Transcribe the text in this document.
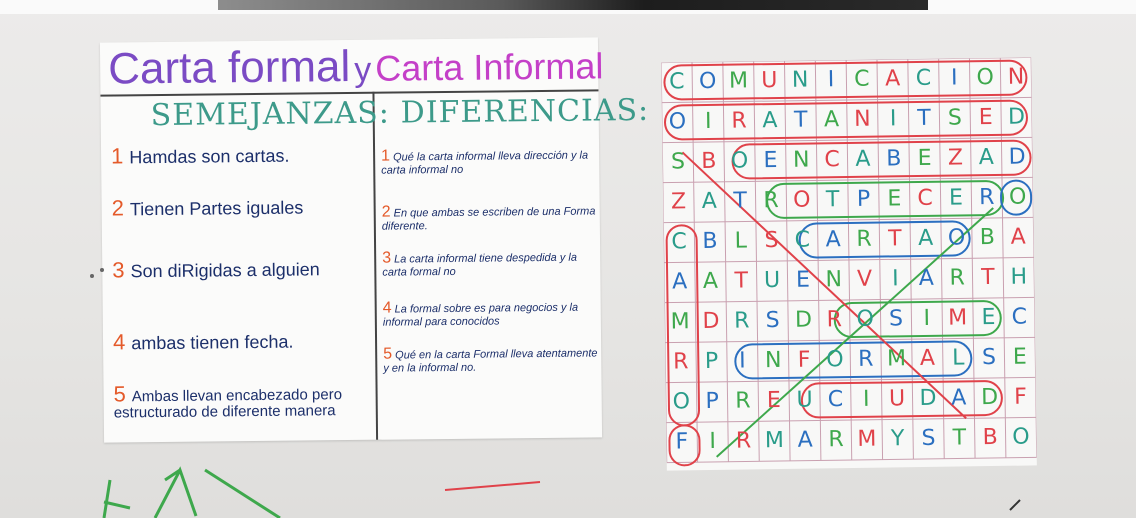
Carta formal yCarta Informal
SEMEJANZAS: DIFERENCIAS:
1 Hamdas son cartas.
2 Tienen Partes iguales
3 Son diRigidas a alguien
4 ambas tienen fecha.
5 Ambas llevan encabezado pero estructurado de diferente manera
1 Qué la carta informal lleva dirección y la carta informal no
2 En que ambas se escriben de una Forma diferente.
3 La carta informal tiene despedida y la carta formal no
4 La formal sobre es para negocios y la informal para conocidos
5 Qué en la carta Formal lleva atentamente y en la informal no.
C O M U N I C A C I O N
O I R A T A N I T S E D
S B O E N C A B E Z A D
Z A T R O T P E C E R O
C B L S C A R T A O B A
A A T U E N V I A R T H
M D R S D R O S I M E C
R P I N F O R M A L S E
O P R E U C I U D A D F
F I R M A R M Y S T B O
